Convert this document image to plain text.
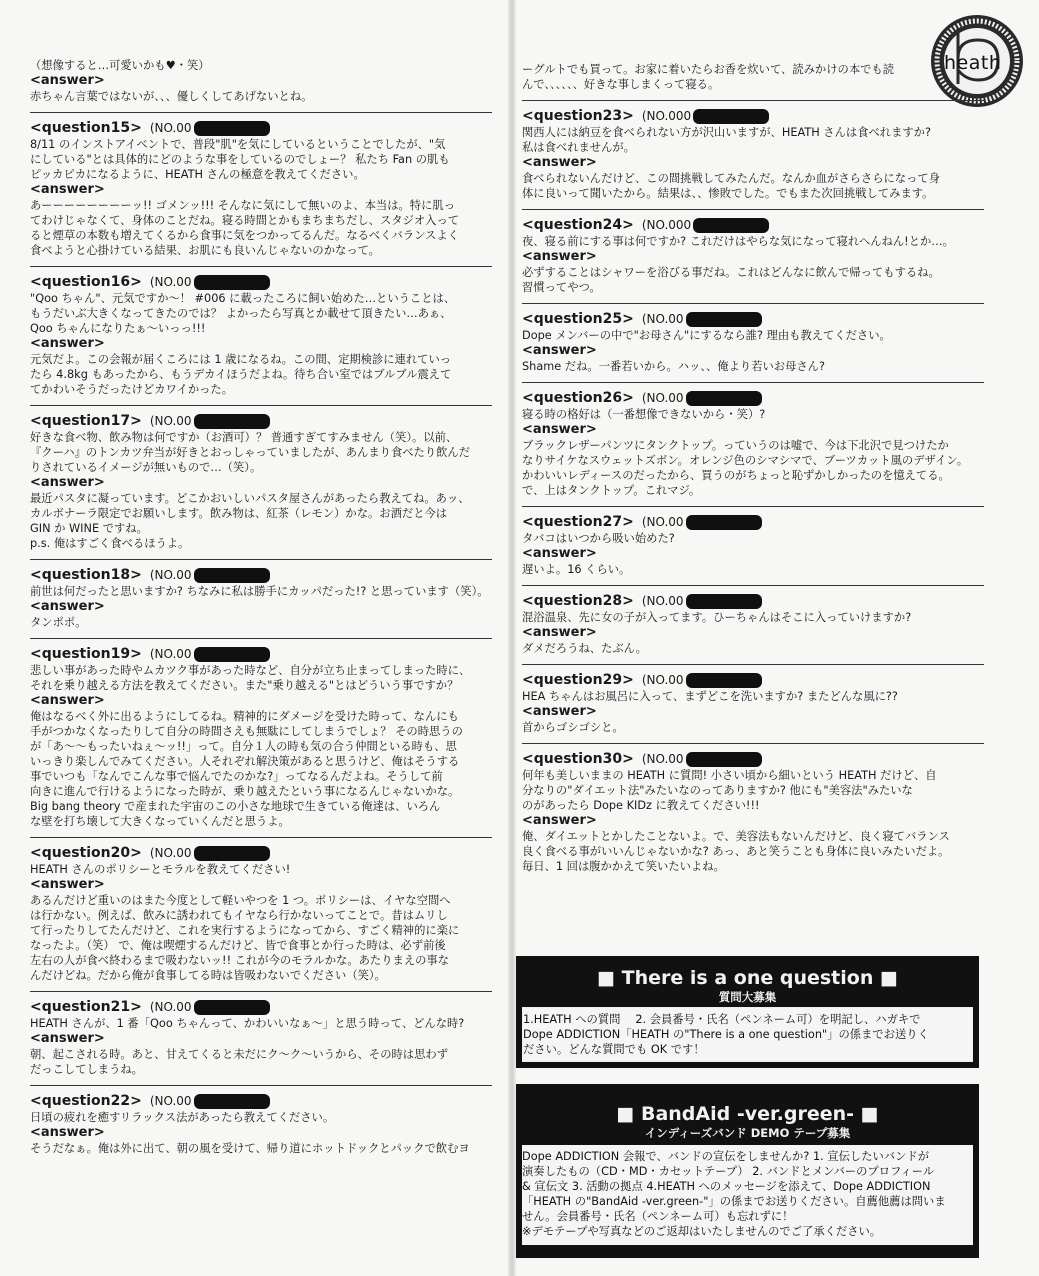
heath
（想像すると…可愛いかも♥・笑）
<answer>
赤ちゃん言葉ではないが、、、優しくしてあげないとね。
<question15> (NO.00
8/11 のインストアイベントで、普段"肌"を気にしているということでしたが、"気
にしている"とは具体的にどのような事をしているのでしょー？ 私たち Fan の肌も
ピッカピカになるように、HEATH さんの極意を教えてください。
<answer>
あーーーーーーーーッ!! ゴメンッ!!! そんなに気にして無いのよ、本当は。特に肌っ
てわけじゃなくて、身体のことだね。寝る時間とかもまちまちだし、スタジオ入って
ると煙草の本数も増えてくるから食事に気をつかってるんだ。なるべくバランスよく
食べようと心掛けている結果、お肌にも良いんじゃないのかなって。
<question16> (NO.00
"Qoo ちゃん"、元気ですか～！ #006 に載ったころに飼い始めた…ということは、
もうだいぶ大きくなってきたのでは？ よかったら写真とか載せて頂きたい…あぁ、
Qoo ちゃんになりたぁ～いっっ!!!
<answer>
元気だよ。この会報が届くころには 1 歳になるね。この間、定期検診に連れていっ
たら 4.8kg もあったから、もうデカイほうだよね。待ち合い室ではブルブル震えて
てかわいそうだったけどカワイかった。
<question17> (NO.00
好きな食べ物、飲み物は何ですか（お酒可）？ 普通すぎてすみません（笑）。以前、
『クーハ』のトンカツ弁当が好きとおっしゃっていましたが、あんまり食べたり飲んだ
りされているイメージが無いもので…（笑）。
<answer>
最近パスタに凝っています。どこかおいしいパスタ屋さんがあったら教えてね。あッ、
カルボナーラ限定でお願いします。飲み物は、紅茶（レモン）かな。お酒だと今は
GIN か WINE ですね。
p.s. 俺はすごく食べるほうよ。
<question18> (NO.00
前世は何だったと思いますか? ちなみに私は勝手にカッパだった!? と思っています（笑）。
<answer>
タンポポ。
<question19> (NO.00
悲しい事があった時やムカツク事があった時など、自分が立ち止まってしまった時に、
それを乗り越える方法を教えてください。また"乗り越える"とはどういう事ですか？
<answer>
俺はなるべく外に出るようにしてるね。精神的にダメージを受けた時って、なんにも
手がつかなくなったりして自分の時間さえも無駄にしてしまうでしょ？ その時思うの
が「あ～～もったいねぇ～ッ!!」って。自分１人の時も気の合う仲間といる時も、思
いっきり楽しんでみてください。人それぞれ解決策があると思うけど、俺はそうする
事でいつも「なんでこんな事で悩んでたのかな?」ってなるんだよね。そうして前
向きに進んで行けるようになった時が、乗り越えたという事になるんじゃないかな。
Big bang theory で産まれた宇宙のこの小さな地球で生きている俺達は、いろん
な壁を打ち壊して大きくなっていくんだと思うよ。
<question20> (NO.00
HEATH さんのポリシーとモラルを教えてください!
<answer>
あるんだけど重いのはまた今度として軽いやつを 1 つ。ポリシーは、イヤな空間へ
は行かない。例えば、飲みに誘われてもイヤなら行かないってことで。昔はムリし
て行ったりしてたんだけど、これを実行するようになってから、すごく精神的に楽に
なったよ。（笑） で、俺は喫煙するんだけど、皆で食事とか行った時は、必ず前後
左右の人が食べ終わるまで吸わないッ!! これが今のモラルかな。あたりまえの事な
んだけどね。だから俺が食事してる時は皆吸わないでください（笑）。
<question21> (NO.00
HEATH さんが、1 番「Qoo ちゃんって、かわいいなぁ～」と思う時って、どんな時?
<answer>
朝、起こされる時。あと、甘えてくると未だにク～ク～いうから、その時は思わず
だっこしてしまうね。
<question22> (NO.00
日頃の疲れを癒すリラックス法があったら教えてください。
<answer>
そうだなぁ。俺は外に出て、朝の風を受けて、帰り道にホットドックとパックで飲むヨ
ーグルトでも買って。お家に着いたらお香を炊いて、読みかけの本でも読
んで、、、、、、好きな事しまくって寝る。
<question23> (NO.000
関西人には納豆を食べられない方が沢山いますが、HEATH さんは食べれますか?
私は食べれませんが。
<answer>
食べられないんだけど、この間挑戦してみたんだ。なんか血がさらさらになって身
体に良いって聞いたから。結果は、、惨敗でした。でもまた次回挑戦してみます。
<question24> (NO.000
夜、寝る前にする事は何ですか? これだけはやらな気になって寝れへんねん!とか…。
<answer>
必ずすることはシャワーを浴びる事だね。これはどんなに飲んで帰ってもするね。
習慣ってやつ。
<question25> (NO.00
Dope メンバーの中で"お母さん"にするなら誰? 理由も教えてください。
<answer>
Shame だね。一番若いから。ハッ、、俺より若いお母さん?
<question26> (NO.00
寝る時の格好は（一番想像できないから・笑）?
<answer>
ブラックレザーパンツにタンクトップ。っていうのは嘘で、今は下北沢で見つけたか
なりサイケなスウェットズボン。オレンジ色のシマシマで、ブーツカット風のデザイン。
かわいいレディースのだったから、買うのがちょっと恥ずかしかったのを憶えてる。
で、上はタンクトップ。これマジ。
<question27> (NO.00
タバコはいつから吸い始めた?
<answer>
遅いよ。16 くらい。
<question28> (NO.00
混浴温泉、先に女の子が入ってます。ひーちゃんはそこに入っていけますか?
<answer>
ダメだろうね、たぶん。
<question29> (NO.00
HEA ちゃんはお風呂に入って、まずどこを洗いますか? またどんな風に??
<answer>
首からゴシゴシと。
<question30> (NO.00
何年も美しいままの HEATH に質問! 小さい頃から細いという HEATH だけど、自
分なりの"ダイエット法"みたいなのってありますか? 他にも"美容法"みたいな
のがあったら Dope KIDz に教えてください!!!
<answer>
俺、ダイエットとかしたことないよ。で、美容法もないんだけど、良く寝てバランス
良く食べる事がいいんじゃないかな? あっ、あと笑うことも身体に良いみたいだよ。
毎日、1 回は腹かかえて笑いたいよね。
■ There is a one question ■
質問大募集
1.HEATH への質問　 2. 会員番号・氏名（ペンネーム可）を明記し、ハガキで
Dope ADDICTION「HEATH の"There is a one question"」の係までお送りく
ださい。どんな質問でも OK です！
■ BandAid -ver.green- ■
インディーズバンド DEMO テープ募集
Dope ADDICTION 会報で、バンドの宣伝をしませんか? 1. 宣伝したいバンドが
演奏したもの（CD・MD・カセットテープ） 2. バンドとメンバーのプロフィール
& 宣伝文 3. 活動の拠点 4.HEATH へのメッセージを添えて、Dope ADDICTION
「HEATH の"BandAid -ver.green-"」の係までお送りください。自薦他薦は問いま
せん。会員番号・氏名（ペンネーム可）も忘れずに！
※デモテープや写真などのご返却はいたしませんのでご了承ください。
